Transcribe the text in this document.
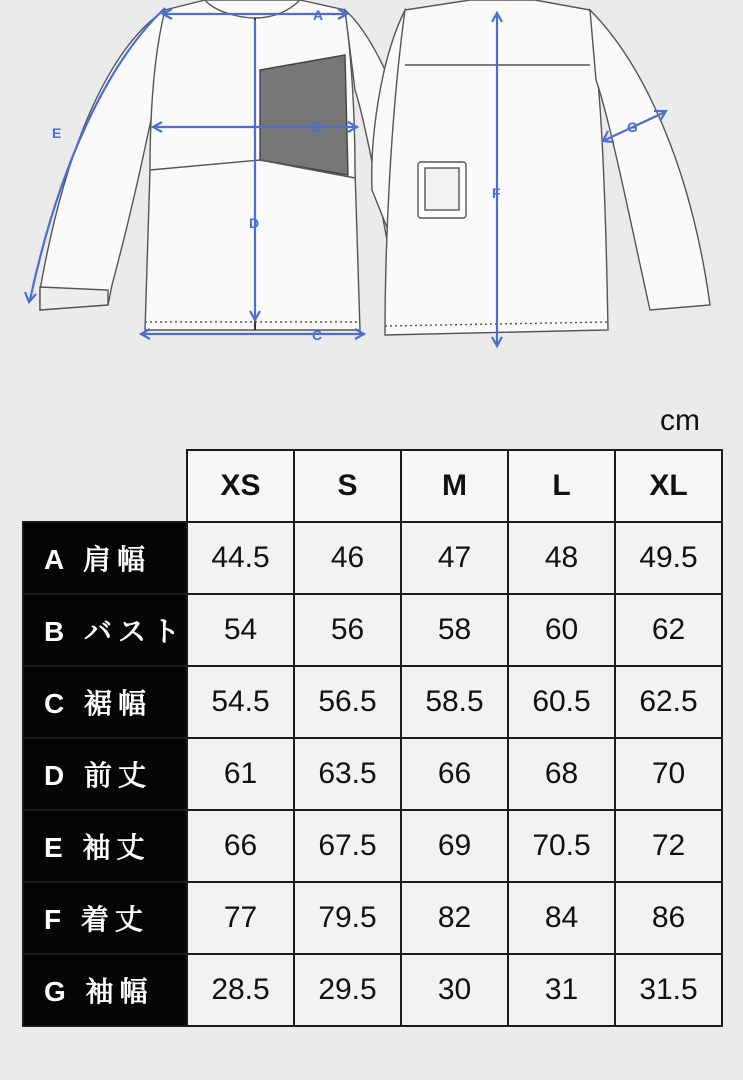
A
B
C
D
E
F
G
cm
	XS	S	M	L	XL
A 肩幅	44.5	46	47	48	49.5
B バスト	54	56	58	60	62
C 裾幅	54.5	56.5	58.5	60.5	62.5
D 前丈	61	63.5	66	68	70
E 袖丈	66	67.5	69	70.5	72
F 着丈	77	79.5	82	84	86
G 袖幅	28.5	29.5	30	31	31.5
